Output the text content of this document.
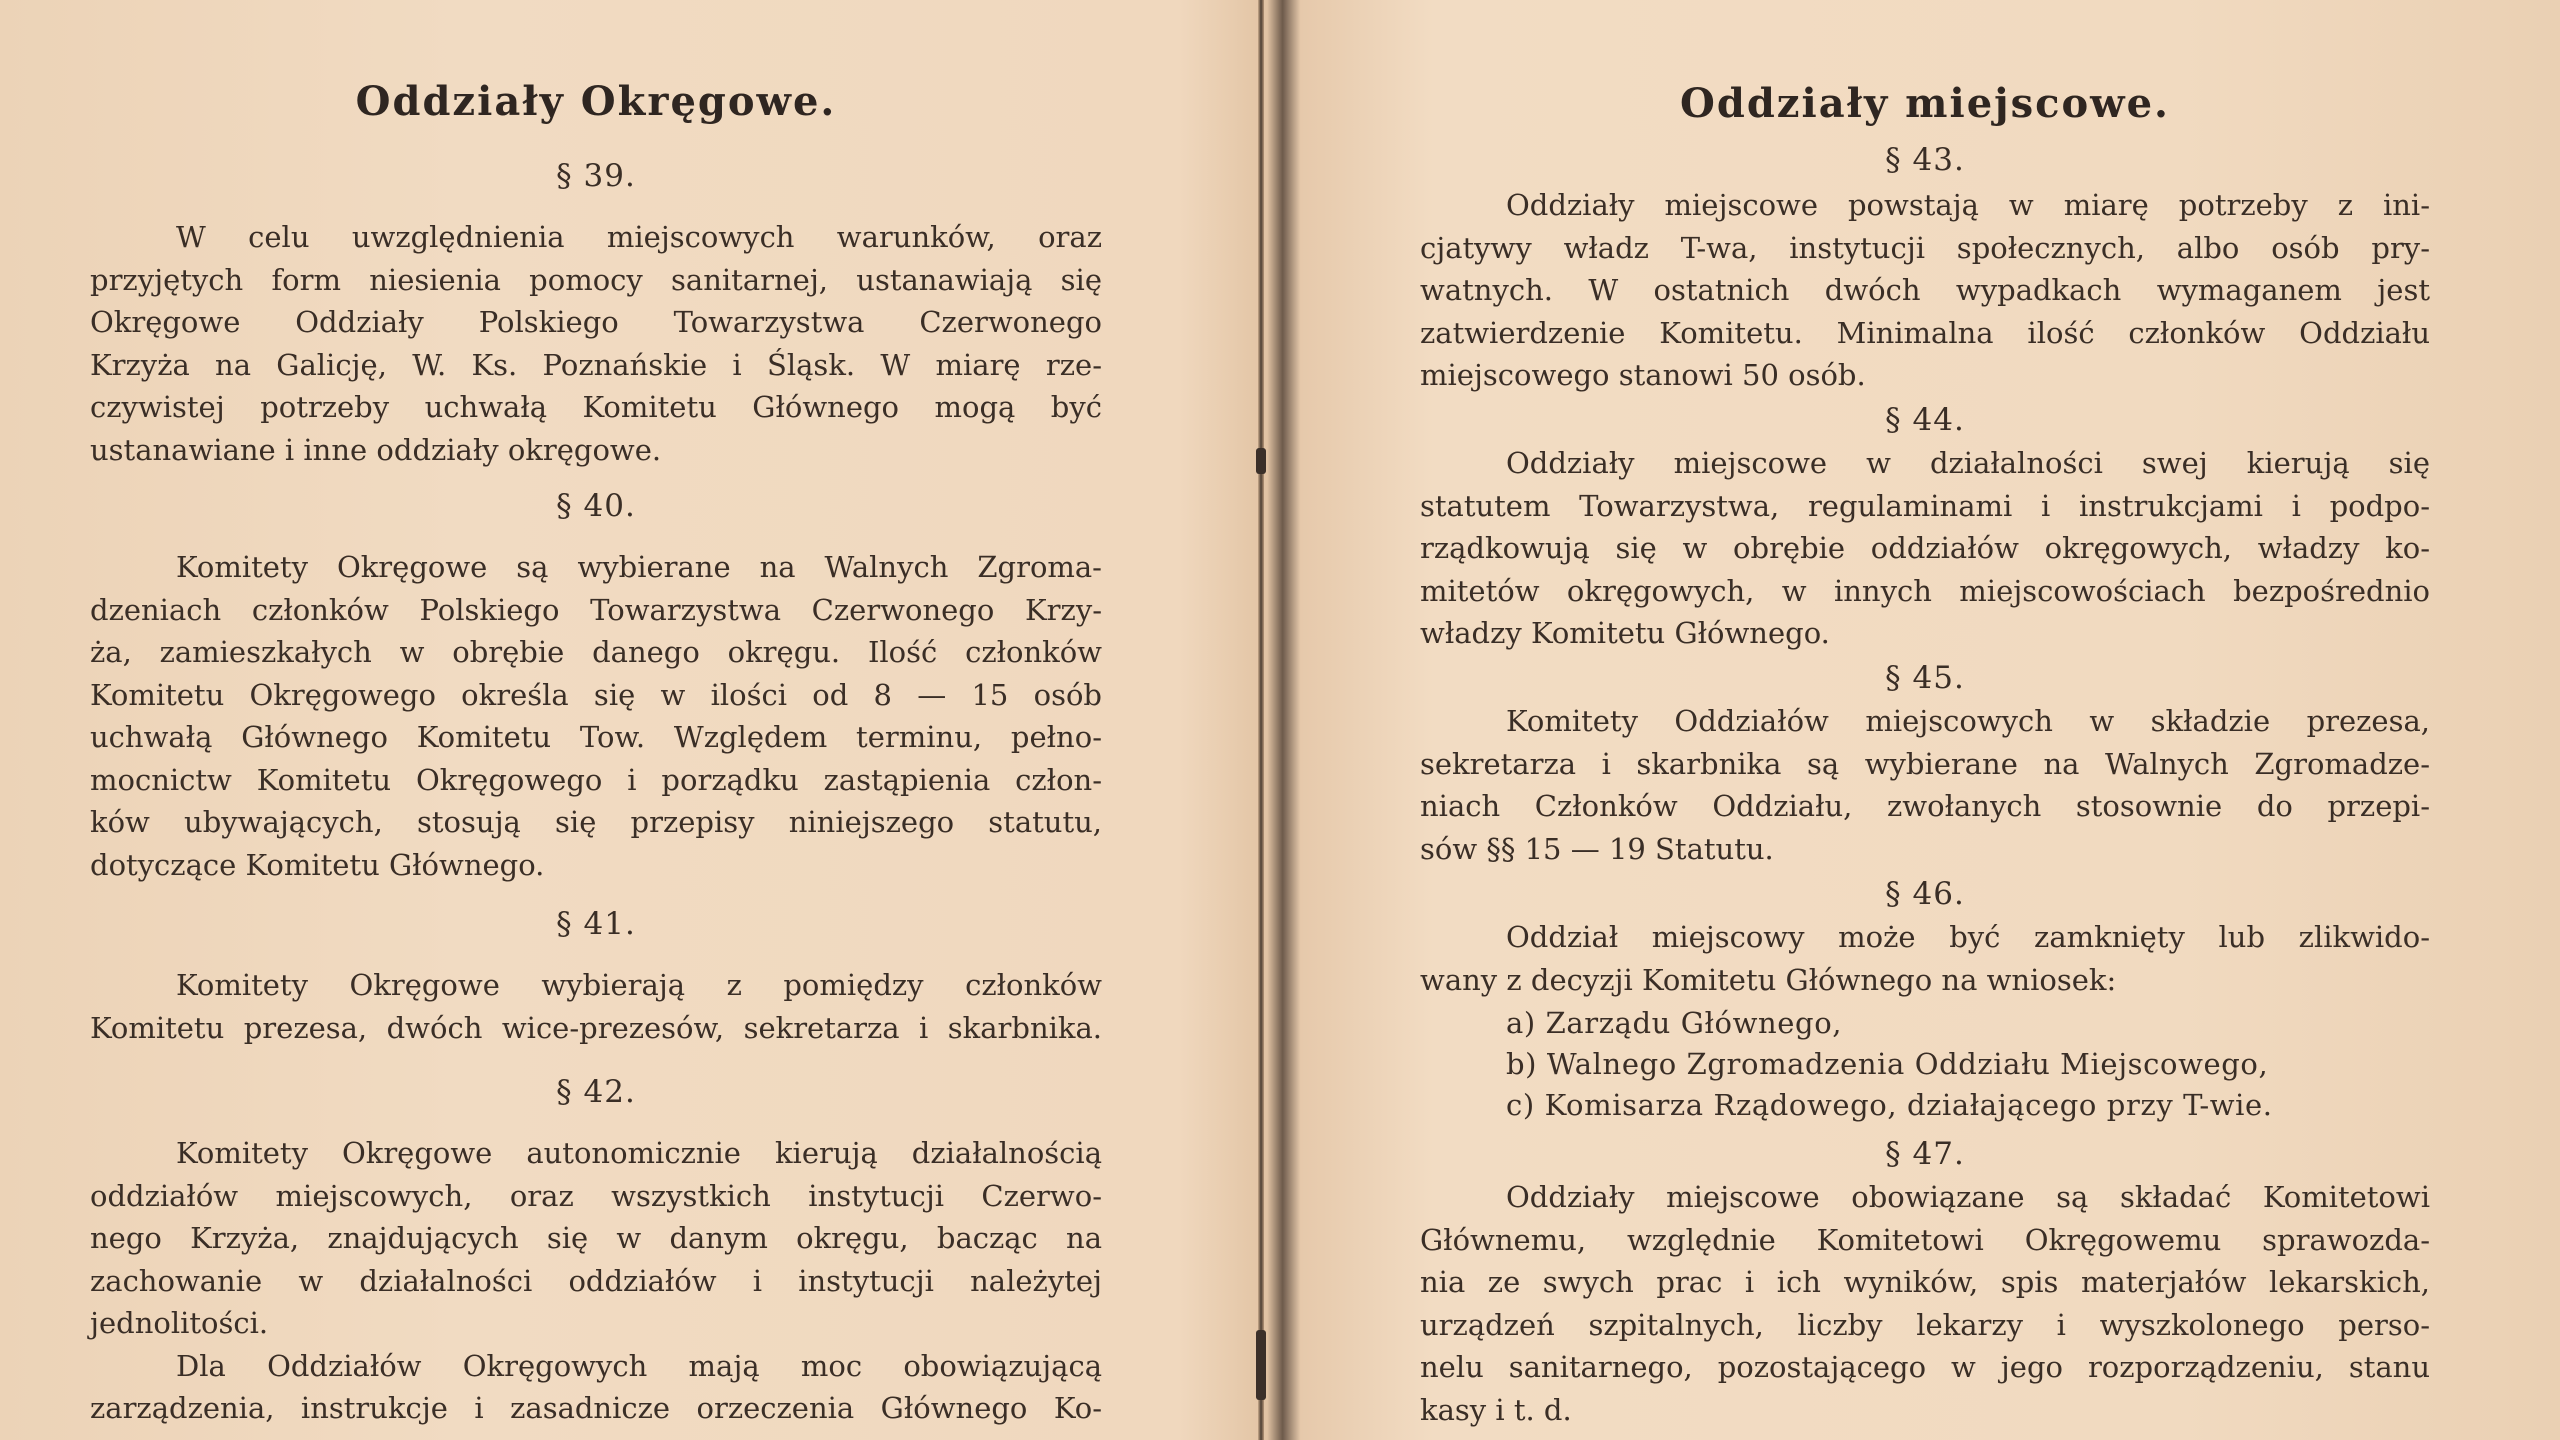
Oddziały Okręgowe.
§ 39.
W celu uwzględnienia miejscowych warunków, oraz
przyjętych form niesienia pomocy sanitarnej, ustanawiają się
Okręgowe Oddziały Polskiego Towarzystwa Czerwonego
Krzyża na Galicję, W. Ks. Poznańskie i Śląsk. W miarę rze-
czywistej potrzeby uchwałą Komitetu Głównego mogą być
ustanawiane i inne oddziały okręgowe.
§ 40.
Komitety Okręgowe są wybierane na Walnych Zgroma-
dzeniach członków Polskiego Towarzystwa Czerwonego Krzy-
ża, zamieszkałych w obrębie danego okręgu. Ilość członków
Komitetu Okręgowego określa się w ilości od 8 — 15 osób
uchwałą Głównego Komitetu Tow. Względem terminu, pełno-
mocnictw Komitetu Okręgowego i porządku zastąpienia człon-
ków ubywających, stosują się przepisy niniejszego statutu,
dotyczące Komitetu Głównego.
§ 41.
Komitety Okręgowe wybierają z pomiędzy członków
Komitetu prezesa, dwóch wice-prezesów, sekretarza i skarbnika.
§ 42.
Komitety Okręgowe autonomicznie kierują działalnością
oddziałów miejscowych, oraz wszystkich instytucji Czerwo-
nego Krzyża, znajdujących się w danym okręgu, bacząc na
zachowanie w działalności oddziałów i instytucji należytej
jednolitości.
Dla Oddziałów Okręgowych mają moc obowiązującą
zarządzenia, instrukcje i zasadnicze orzeczenia Głównego Ko-
Oddziały miejscowe.
§ 43.
Oddziały miejscowe powstają w miarę potrzeby z ini-
cjatywy władz T-wa, instytucji społecznych, albo osób pry-
watnych. W ostatnich dwóch wypadkach wymaganem jest
zatwierdzenie Komitetu. Minimalna ilość członków Oddziału
miejscowego stanowi 50 osób.
§ 44.
Oddziały miejscowe w działalności swej kierują się
statutem Towarzystwa, regulaminami i instrukcjami i podpo-
rządkowują się w obrębie oddziałów okręgowych, władzy ko-
mitetów okręgowych, w innych miejscowościach bezpośrednio
władzy Komitetu Głównego.
§ 45.
Komitety Oddziałów miejscowych w składzie prezesa,
sekretarza i skarbnika są wybierane na Walnych Zgromadze-
niach Członków Oddziału, zwołanych stosownie do przepi-
sów §§ 15 — 19 Statutu.
§ 46.
Oddział miejscowy może być zamknięty lub zlikwido-
wany z decyzji Komitetu Głównego na wniosek:
a) Zarządu Głównego,
b) Walnego Zgromadzenia Oddziału Miejscowego,
c) Komisarza Rządowego, działającego przy T-wie.
§ 47.
Oddziały miejscowe obowiązane są składać Komitetowi
Głównemu, względnie Komitetowi Okręgowemu sprawozda-
nia ze swych prac i ich wyników, spis materjałów lekarskich,
urządzeń szpitalnych, liczby lekarzy i wyszkolonego perso-
nelu sanitarnego, pozostającego w jego rozporządzeniu, stanu
kasy i t. d.
